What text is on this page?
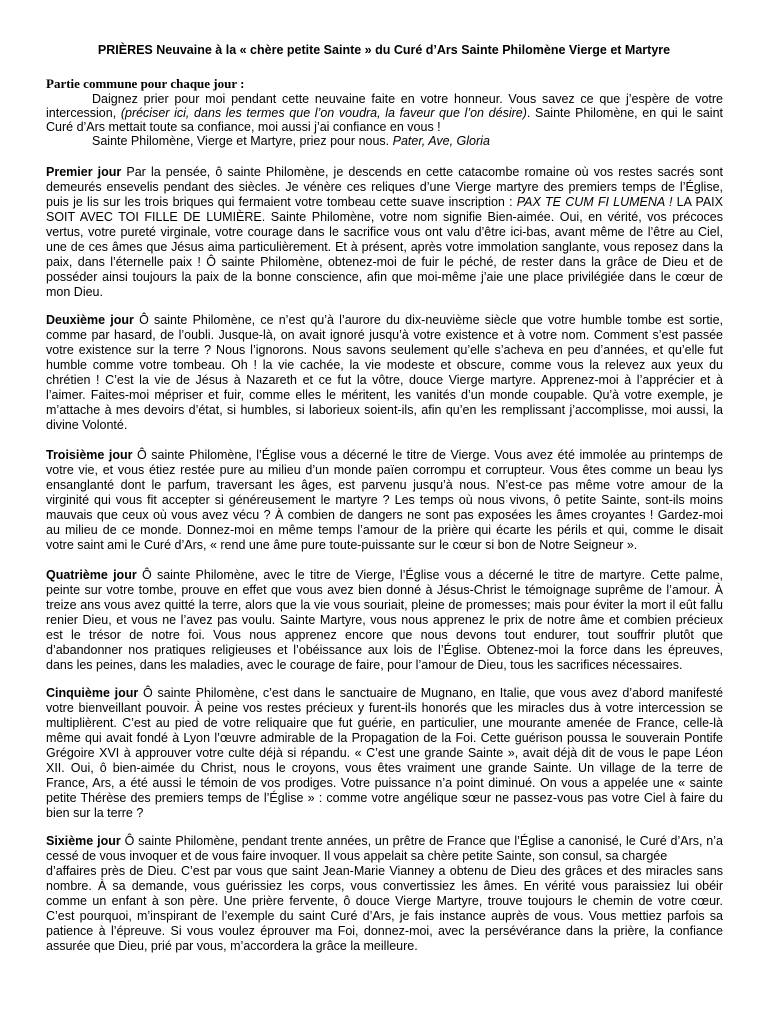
PRIÈRES Neuvaine à la « chère petite Sainte » du Curé d’Ars Sainte Philomène Vierge et Martyre
Partie commune pour chaque jour :
Daignez prier pour moi pendant cette neuvaine faite en votre honneur. Vous savez ce que j’espère de votre
intercession, (préciser ici, dans les termes que l’on voudra, la faveur que l’on désire). Sainte Philomène, en qui le saint
Curé d’Ars mettait toute sa confiance, moi aussi j’ai confiance en vous !
Sainte Philomène, Vierge et Martyre, priez pour nous. Pater, Ave, Gloria
Premier jour Par la pensée, ô sainte Philomène, je descends en cette catacombe romaine où vos restes sacrés sont
demeurés ensevelis pendant des siècles. Je vénère ces reliques d’une Vierge martyre des premiers temps de l’Église,
puis je lis sur les trois briques qui fermaient votre tombeau cette suave inscription : PAX TE CUM FI LUMENA ! LA PAIX
SOIT AVEC TOI FILLE DE LUMIÈRE. Sainte Philomène, votre nom signifie Bien-aimée. Oui, en vérité, vos précoces
vertus, votre pureté virginale, votre courage dans le sacrifice vous ont valu d’être ici-bas, avant même de l’être au Ciel,
une de ces âmes que Jésus aima particulièrement. Et à présent, après votre immolation sanglante, vous reposez dans la
paix, dans l’éternelle paix ! Ô sainte Philomène, obtenez-moi de fuir le péché, de rester dans la grâce de Dieu et de
posséder ainsi toujours la paix de la bonne conscience, afin que moi-même j’aie une place privilégiée dans le cœur de
mon Dieu.
Deuxième jour Ô sainte Philomène, ce n’est qu’à l’aurore du dix-neuvième siècle que votre humble tombe est sortie,
comme par hasard, de l’oubli. Jusque-là, on avait ignoré jusqu’à votre existence et à votre nom. Comment s’est passée
votre existence sur la terre ? Nous l’ignorons. Nous savons seulement qu’elle s’acheva en peu d’années, et qu’elle fut
humble comme votre tombeau. Oh ! la vie cachée, la vie modeste et obscure, comme vous la relevez aux yeux du
chrétien ! C’est la vie de Jésus à Nazareth et ce fut la vôtre, douce Vierge martyre. Apprenez-moi à l’apprécier et à
l’aimer. Faites-moi mépriser et fuir, comme elles le méritent, les vanités d’un monde coupable. Qu’à votre exemple, je
m’attache à mes devoirs d’état, si humbles, si laborieux soient-ils, afin qu’en les remplissant j’accomplisse, moi aussi, la
divine Volonté.
Troisième jour Ô sainte Philomène, l’Église vous a décerné le titre de Vierge. Vous avez été immolée au printemps de
votre vie, et vous étiez restée pure au milieu d’un monde païen corrompu et corrupteur. Vous êtes comme un beau lys
ensanglanté dont le parfum, traversant les âges, est parvenu jusqu’à nous. N’est-ce pas même votre amour de la
virginité qui vous fit accepter si généreusement le martyre ? Les temps où nous vivons, ô petite Sainte, sont-ils moins
mauvais que ceux où vous avez vécu ? À combien de dangers ne sont pas exposées les âmes croyantes ! Gardez-moi
au milieu de ce monde. Donnez-moi en même temps l’amour de la prière qui écarte les périls et qui, comme le disait
votre saint ami le Curé d’Ars, « rend une âme pure toute-puissante sur le cœur si bon de Notre Seigneur ».
Quatrième jour Ô sainte Philomène, avec le titre de Vierge, l’Église vous a décerné le titre de martyre. Cette palme,
peinte sur votre tombe, prouve en effet que vous avez bien donné à Jésus-Christ le témoignage suprême de l’amour. À
treize ans vous avez quitté la terre, alors que la vie vous souriait, pleine de promesses; mais pour éviter la mort il eût fallu
renier Dieu, et vous ne l’avez pas voulu. Sainte Martyre, vous nous apprenez le prix de notre âme et combien précieux
est le trésor de notre foi. Vous nous apprenez encore que nous devons tout endurer, tout souffrir plutôt que
d’abandonner nos pratiques religieuses et l’obéissance aux lois de l’Église. Obtenez-moi la force dans les épreuves,
dans les peines, dans les maladies, avec le courage de faire, pour l’amour de Dieu, tous les sacrifices nécessaires.
Cinquième jour Ô sainte Philomène, c’est dans le sanctuaire de Mugnano, en Italie, que vous avez d’abord manifesté
votre bienveillant pouvoir. À peine vos restes précieux y furent-ils honorés que les miracles dus à votre intercession se
multiplièrent. C’est au pied de votre reliquaire que fut guérie, en particulier, une mourante amenée de France, celle-là
même qui avait fondé à Lyon l’œuvre admirable de la Propagation de la Foi. Cette guérison poussa le souverain Pontife
Grégoire XVI à approuver votre culte déjà si répandu. « C’est une grande Sainte », avait déjà dit de vous le pape Léon
XII. Oui, ô bien-aimée du Christ, nous le croyons, vous êtes vraiment une grande Sainte. Un village de la terre de
France, Ars, a été aussi le témoin de vos prodiges. Votre puissance n’a point diminué. On vous a appelée une « sainte
petite Thérèse des premiers temps de l’Église » : comme votre angélique sœur ne passez-vous pas votre Ciel à faire du
bien sur la terre ?
Sixième jour Ô sainte Philomène, pendant trente années, un prêtre de France que l’Église a canonisé, le Curé d’Ars, n’a
cessé de vous invoquer et de vous faire invoquer. Il vous appelait sa chère petite Sainte, son consul, sa chargée
d’affaires près de Dieu. C’est par vous que saint Jean-Marie Vianney a obtenu de Dieu des grâces et des miracles sans
nombre. À sa demande, vous guérissiez les corps, vous convertissiez les âmes. En vérité vous paraissiez lui obéir
comme un enfant à son père. Une prière fervente, ô douce Vierge Martyre, trouve toujours le chemin de votre cœur.
C’est pourquoi, m’inspirant de l’exemple du saint Curé d’Ars, je fais instance auprès de vous. Vous mettiez parfois sa
patience à l’épreuve. Si vous voulez éprouver ma Foi, donnez-moi, avec la persévérance dans la prière, la confiance
assurée que Dieu, prié par vous, m’accordera la grâce la meilleure.
